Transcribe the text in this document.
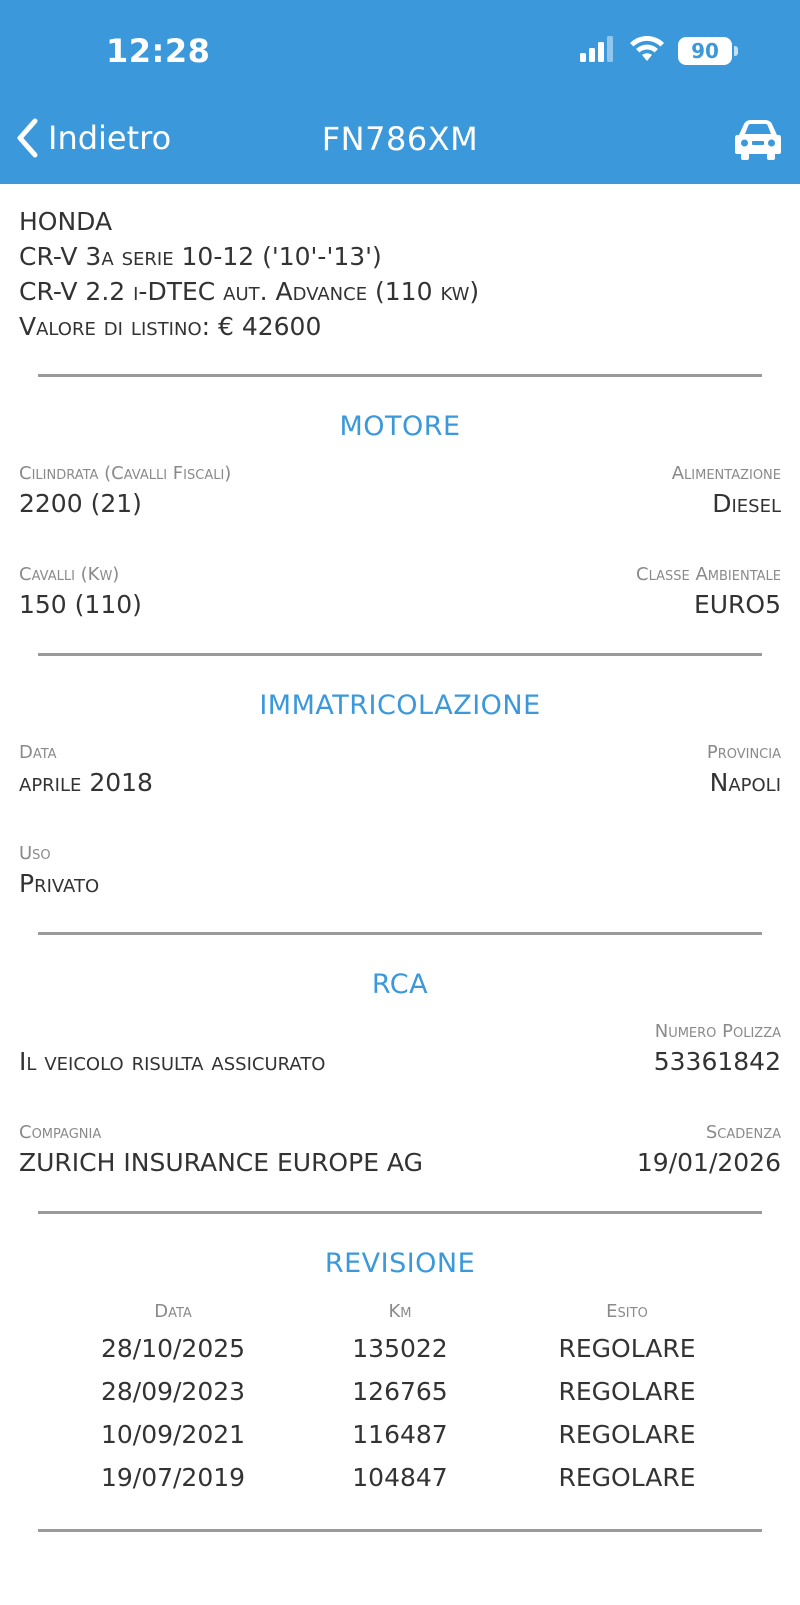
12:28	90
Indietro	FN786XM
HONDA
CR-V 3a serie 10-12 ('10'-'13')
CR-V 2.2 i-DTEC aut. Advance (110 kw)
Valore di listino: € 42600
MOTORE
Cilindrata (Cavalli Fiscali)
2200 (21)
Alimentazione
Diesel
Cavalli (Kw)
150 (110)
Classe Ambientale
EURO5
IMMATRICOLAZIONE
Data
aprile 2018
Provincia
Napoli
Uso
Privato
RCA
Il veicolo risulta assicurato
Numero Polizza
53361842
Compagnia
ZURICH INSURANCE EUROPE AG
Scadenza
19/01/2026
REVISIONE
Data	Km	Esito
28/10/2025	135022	REGOLARE
28/09/2023	126765	REGOLARE
10/09/2021	116487	REGOLARE
19/07/2019	104847	REGOLARE
